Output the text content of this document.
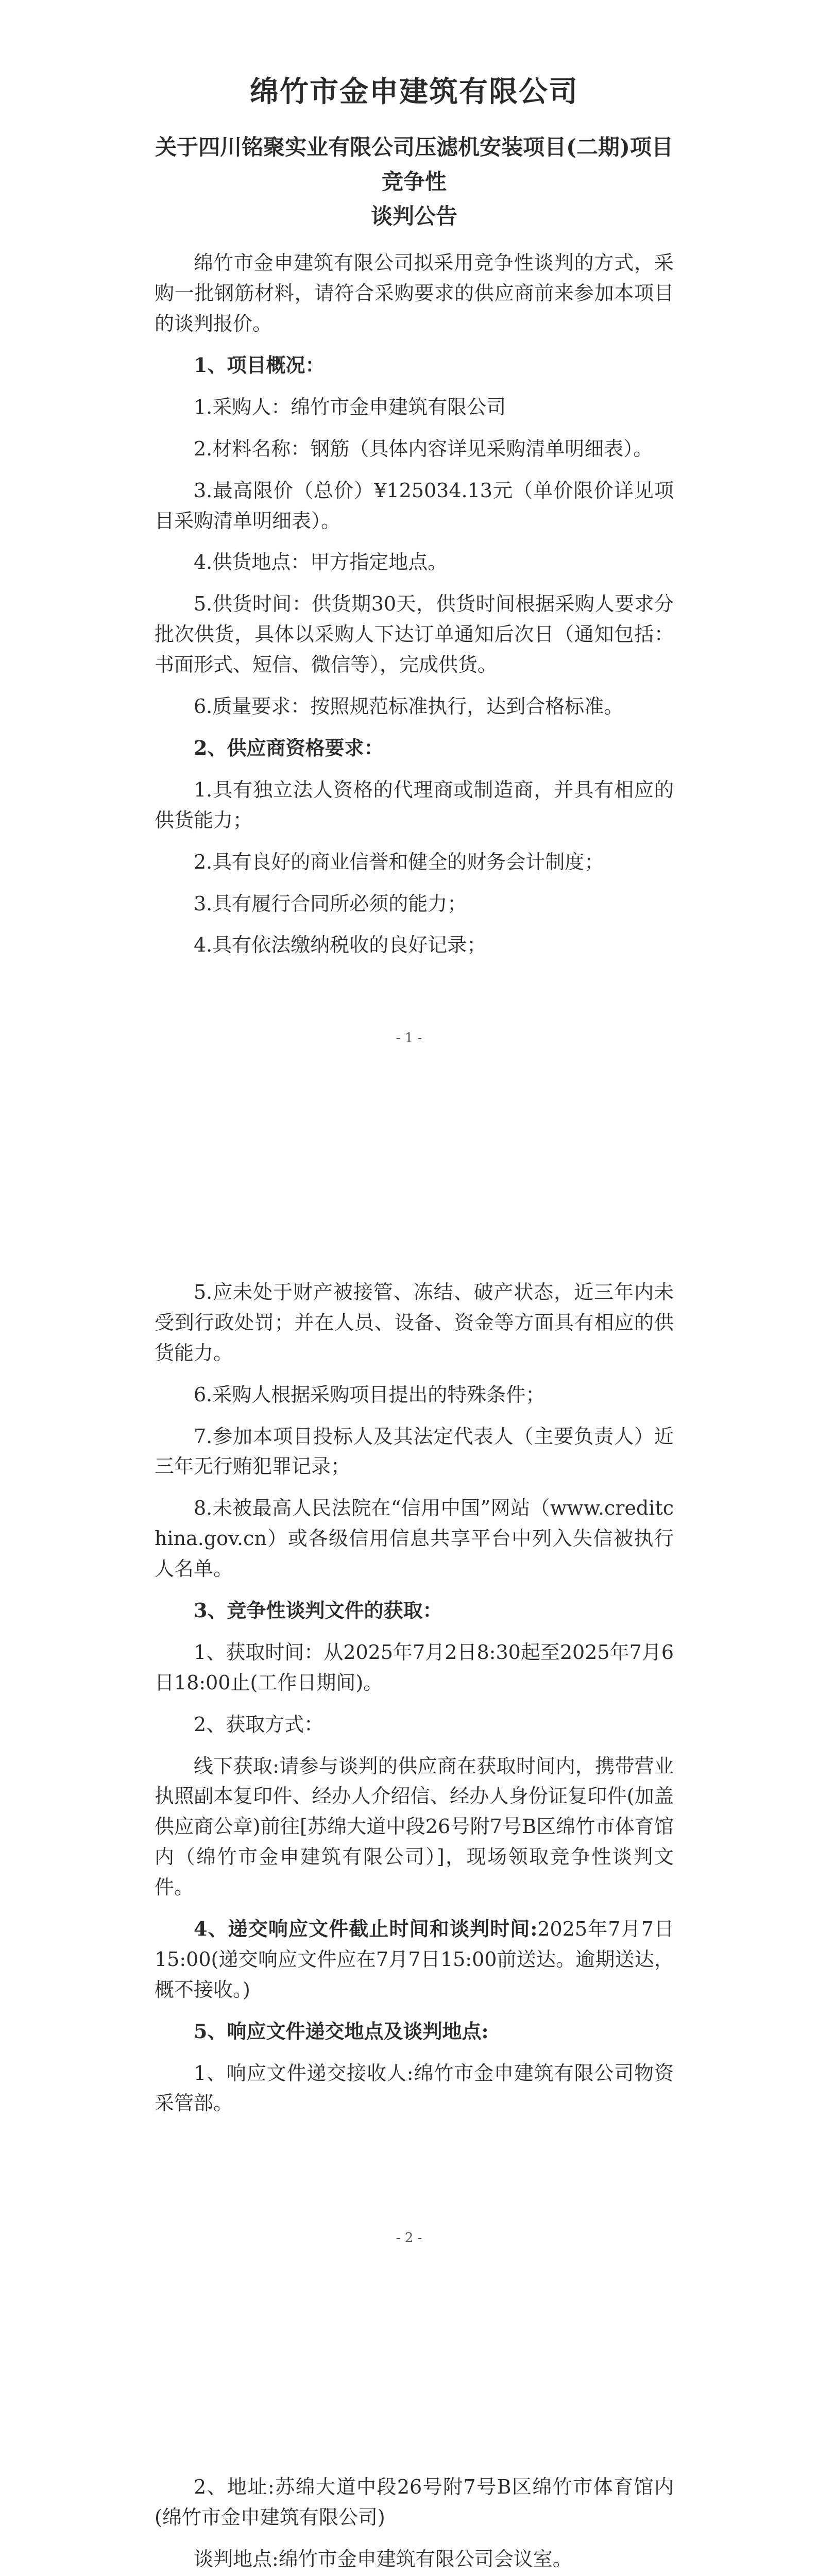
绵竹市金申建筑有限公司
关于四川铭聚实业有限公司压滤机安装项目(二期)项目竞争性
谈判公告

绵竹市金申建筑有限公司拟采用竞争性谈判的方式，采购一批钢筋材料，请符合采购要求的供应商前来参加本项目的谈判报价。

1、项目概况：

1.采购人：绵竹市金申建筑有限公司

2.材料名称：钢筋（具体内容详见采购清单明细表）。

3.最高限价（总价）¥125034.13元（单价限价详见项目采购清单明细表）。

4.供货地点：甲方指定地点。

5.供货时间：供货期30天，供货时间根据采购人要求分批次供货，具体以采购人下达订单通知后次日（通知包括：书面形式、短信、微信等），完成供货。

6.质量要求：按照规范标准执行，达到合格标准。

2、供应商资格要求：

1.具有独立法人资格的代理商或制造商，并具有相应的供货能力；

2.具有良好的商业信誉和健全的财务会计制度；

3.具有履行合同所必须的能力；

4.具有依法缴纳税收的良好记录；

- 1 -

5.应未处于财产被接管、冻结、破产状态，近三年内未受到行政处罚；并在人员、设备、资金等方面具有相应的供货能力。

6.采购人根据采购项目提出的特殊条件；

7.参加本项目投标人及其法定代表人（主要负责人）近三年无行贿犯罪记录；

8.未被最高人民法院在“信用中国”网站（www.creditchina.gov.cn）或各级信用信息共享平台中列入失信被执行人名单。

3、竞争性谈判文件的获取：

1、获取时间：从2025年7月2日8:30起至2025年7月6日18:00止(工作日期间)。

2、获取方式：

线下获取:请参与谈判的供应商在获取时间内，携带营业执照副本复印件、经办人介绍信、经办人身份证复印件(加盖供应商公章)前往[苏绵大道中段26号附7号B区绵竹市体育馆内（绵竹市金申建筑有限公司）]，现场领取竞争性谈判文件。

4、递交响应文件截止时间和谈判时间:2025年7月7日15:00(递交响应文件应在7月7日15:00前送达。逾期送达，概不接收。)

5、响应文件递交地点及谈判地点:

1、响应文件递交接收人:绵竹市金申建筑有限公司物资采管部。

- 2 -

2、地址:苏绵大道中段26号附7号B区绵竹市体育馆内(绵竹市金申建筑有限公司)

谈判地点:绵竹市金申建筑有限公司会议室。
